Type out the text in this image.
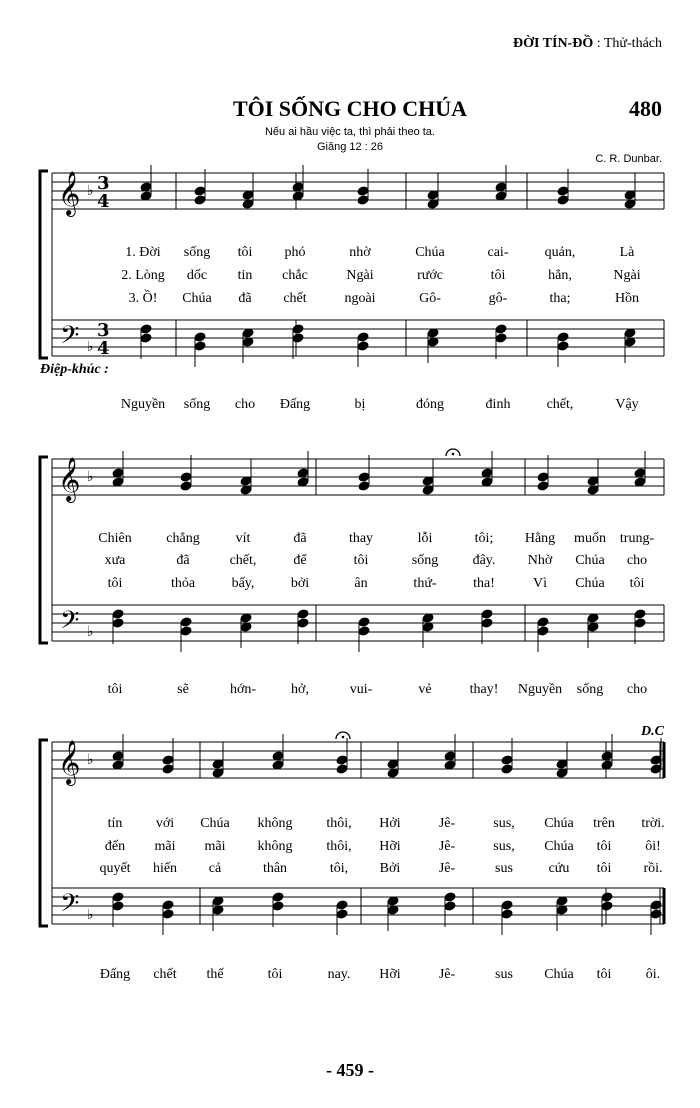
ĐỜI TÍN-ĐỒ : Thử-thách
TÔI SỐNG CHO CHÚA	480
Nếu ai hầu việc ta, thì phải theo ta.
Giăng 12 : 26
C. R. Dunbar.
𝄞
𝄢
♭
♭
3
4
3
4
𝄞
𝄢
♭
♭
𝄞
𝄢
♭
♭
1. Đời sống tôi phó	nhờ	Chúa	cai-	quản,	Là
2. Lòng dốc tin chắc	Ngài	rước	tôi	hẳn,	Ngài
3. Ồ! Chúa đã chết	ngoài	Gô-	gô-	tha;	Hồn
Nguyền sống cho Đấng	bị	đóng	đinh	chết,	Vậy
Chiên chẳng	vít	đã	thay	lỗi	tôi; Hằng muốn trung-
xưa	đã	chết,	để	tôi	sống đây. Nhờ Chúa cho
tôi	thỏa	bấy,	bởi	ân	thứ-	tha!	Vì Chúa tôi
tôi	sẽ	hớn-	hở,	vui-	vẻ	thay! Nguyền sống cho
tín với Chúa không thôi, Hởi	Jê-	sus, Chúa trên trời.
đến mãi mãi không thôi, Hỡi	Jê-	sus, Chúa tôi ôi!
quyết hiến cả	thân	tôi, Bởi	Jê-	sus	cứu tôi rồi.
Đấng chết thế	tôi	nay. Hỡi	Jê-	sus Chúa tôi ôi.
Điệp-khúc :
D.C
- 459 -
